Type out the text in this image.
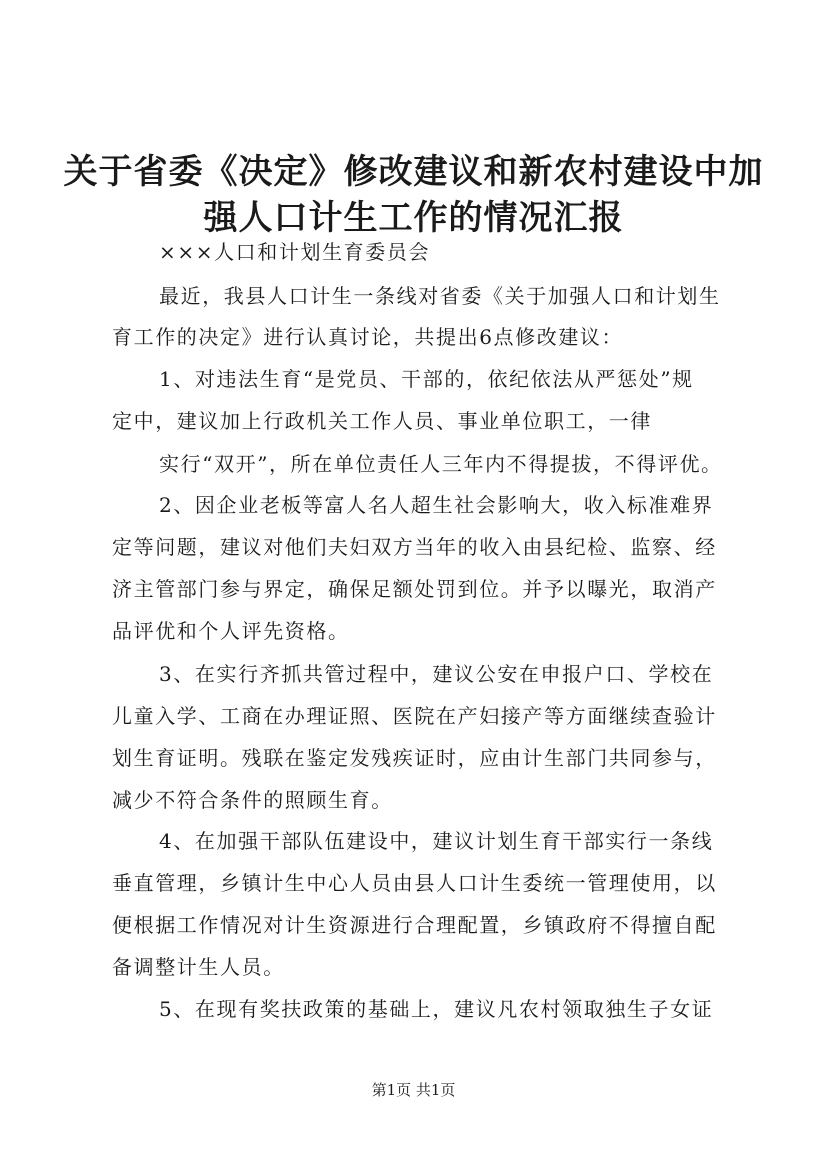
关于省委《决定》修改建议和新农村建设中加
强人口计生工作的情况汇报
×××人口和计划生育委员会
最近，我县人口计生一条线对省委《关于加强人口和计划生
育工作的决定》进行认真讨论，共提出6点修改建议：
1、对违法生育“是党员、干部的，依纪依法从严惩处”规
定中，建议加上行政机关工作人员、事业单位职工，一律
实行“双开”，所在单位责任人三年内不得提拔，不得评优。
2、因企业老板等富人名人超生社会影响大，收入标准难界
定等问题，建议对他们夫妇双方当年的收入由县纪检、监察、经
济主管部门参与界定，确保足额处罚到位。并予以曝光，取消产
品评优和个人评先资格。
3、在实行齐抓共管过程中，建议公安在申报户口、学校在
儿童入学、工商在办理证照、医院在产妇接产等方面继续查验计
划生育证明。残联在鉴定发残疾证时，应由计生部门共同参与，
减少不符合条件的照顾生育。
4、在加强干部队伍建设中，建议计划生育干部实行一条线
垂直管理，乡镇计生中心人员由县人口计生委统一管理使用，以
便根据工作情况对计生资源进行合理配置，乡镇政府不得擅自配
备调整计生人员。
5、在现有奖扶政策的基础上，建议凡农村领取独生子女证
第1页 共1页
